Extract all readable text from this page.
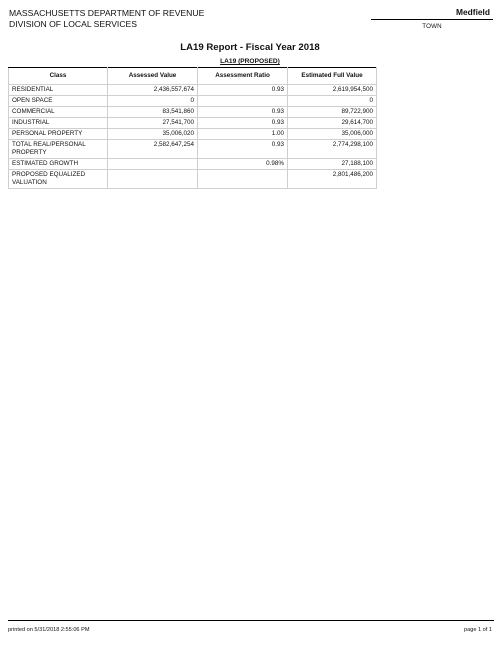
MASSACHUSETTS DEPARTMENT OF REVENUE
DIVISION OF LOCAL SERVICES
Medfield
TOWN
LA19 Report - Fiscal Year 2018
LA19 (PROPOSED)
Class	Assessed Value	Assessment Ratio	Estimated Full Value
RESIDENTIAL	2,436,557,674	0.93	2,619,954,500
OPEN SPACE	0		0
COMMERCIAL	83,541,860	0.93	89,722,900
INDUSTRIAL	27,541,700	0.93	29,614,700
PERSONAL PROPERTY	35,006,020	1.00	35,006,000
TOTAL REAL/PERSONAL PROPERTY	2,582,647,254	0.93	2,774,298,100
ESTIMATED GROWTH		0.98%	27,188,100
PROPOSED EQUALIZED VALUATION			2,801,486,200
printed on 5/31/2018 2:55:06 PM	page 1 of 1
